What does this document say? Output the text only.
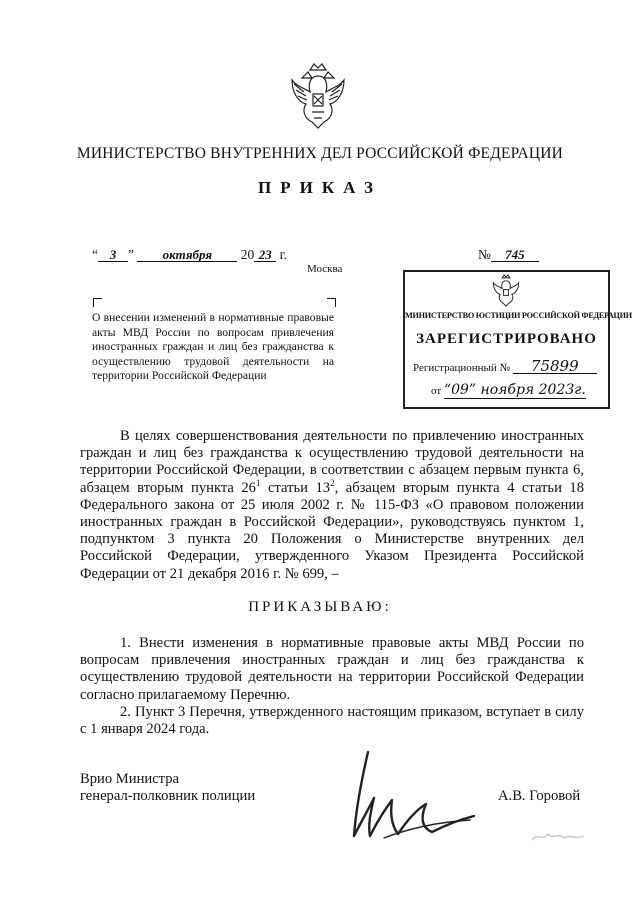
МИНИСТЕРСТВО ВНУТРЕННИХ ДЕЛ РОССИЙСКОЙ ФЕДЕРАЦИИ
ПРИКАЗ
“ 3 ” октября 20 23 г.
Москва
№ 745
О внесении изменений в нормативные правовые акты МВД России по вопросам привлечения иностранных граждан и лиц без гражданства к осуществлению трудовой деятельности на территории Российской Федерации
МИНИСТЕРСТВО ЮСТИЦИИ РОССИЙСКОЙ ФЕДЕРАЦИИ
ЗАРЕГИСТРИРОВАНО
Регистрационный № 75899
от “09” ноября 2023г.
В целях совершенствования деятельности по привлечению иностранных граждан и лиц без гражданства к осуществлению трудовой деятельности на территории Российской Федерации, в соответствии с абзацем первым пункта 6, абзацем вторым пункта $26^1$ статьи $13^2$, абзацем вторым пункта 4 статьи 18 Федерального закона от 25 июля 2002 г. № 115-ФЗ «О правовом положении иностранных граждан в Российской Федерации», руководствуясь пунктом 1, подпунктом 3 пункта 20 Положения о Министерстве внутренних дел Российской Федерации, утвержденного Указом Президента Российской Федерации от 21 декабря 2016 г. № 699, –
ПРИКАЗЫВАЮ:
1. Внести изменения в нормативные правовые акты МВД России по вопросам привлечения иностранных граждан и лиц без гражданства к осуществлению трудовой деятельности на территории Российской Федерации согласно прилагаемому Перечню.
2. Пункт 3 Перечня, утвержденного настоящим приказом, вступает в силу с 1 января 2024 года.
Врио Министра
генерал-полковник полиции	А.В. Горовой
